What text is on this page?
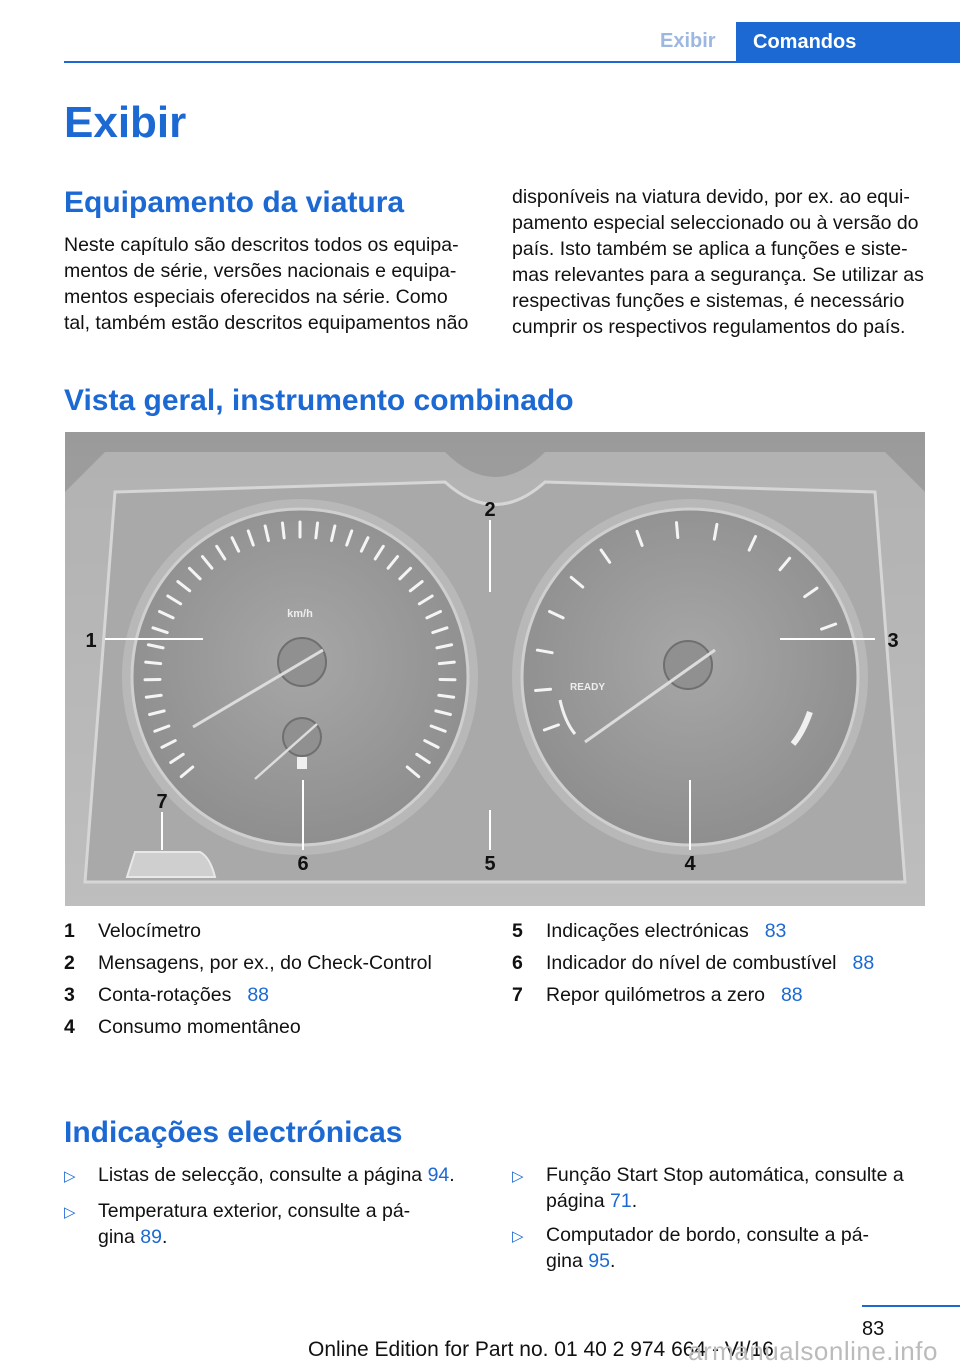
Exibir	Comandos
Exibir
Equipamento da viatura
Neste capítulo são descritos todos os equipa-
mentos de série, versões nacionais e equipa-
mentos especiais oferecidos na série. Como
tal, também estão descritos equipamentos não
disponíveis na viatura devido, por ex. ao equi-
pamento especial seleccionado ou à versão do
país. Isto também se aplica a funções e siste-
mas relevantes para a segurança. Se utilizar as
respectivas funções e sistemas, é necessário
cumprir os respectivos regulamentos do país.
Vista geral, instrumento combinado
km/h
READY
1
2
3
4
5
6
7
1	Velocímetro
2	Mensagens, por ex., do Check-Control
3	Conta-rotações 88
4	Consumo momentâneo
5	Indicações electrónicas 83
6	Indicador do nível de combustível 88
7	Repor quilómetros a zero 88
Indicações electrónicas
▷	Listas de selecção, consulte a página 94.
▷	Temperatura exterior, consulte a pá-
gina 89.
▷	Função Start Stop automática, consulte a
página 71.
▷	Computador de bordo, consulte a pá-
gina 95.
83
Online Edition for Part no. 01 40 2 974 664 - VI/16
armanualsonline.info
